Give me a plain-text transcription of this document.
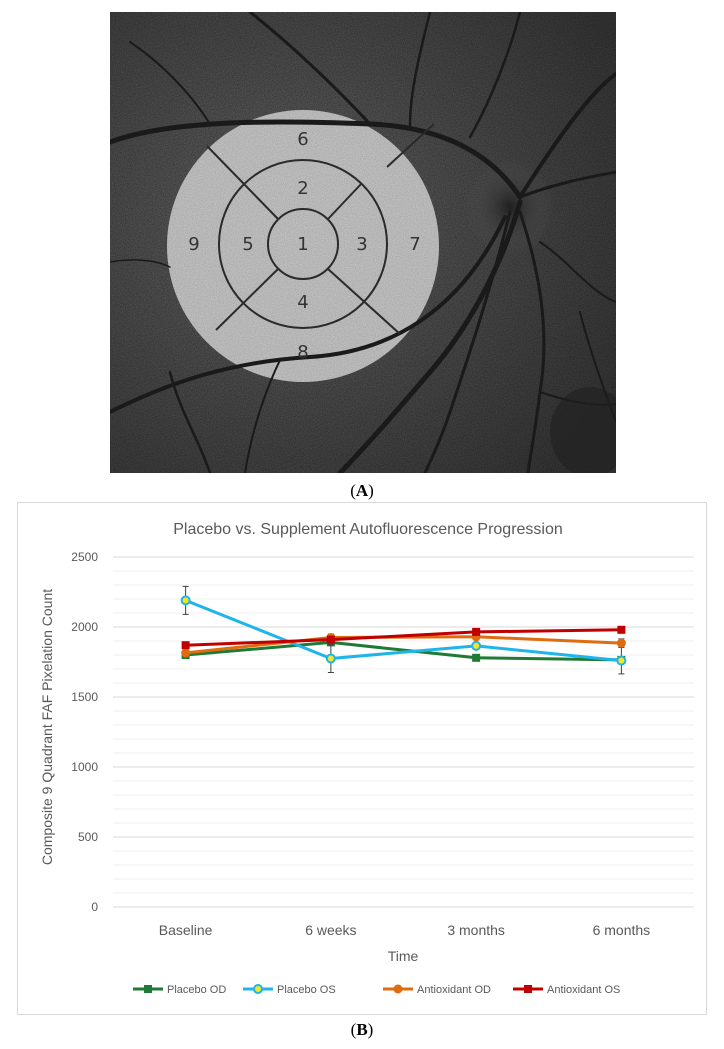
1
2
3
4
5
6
7
8
9
(A)
Placebo vs. Supplement Autofluorescence Progression
0
500
1000
1500
2000
2500
Baseline	6 weeks	3 months	6 months
Time
Composite 9 Quadrant FAF Pixelation Count
Placebo OD	Placebo OS	Antioxidant OD	Antioxidant OS
(B)
